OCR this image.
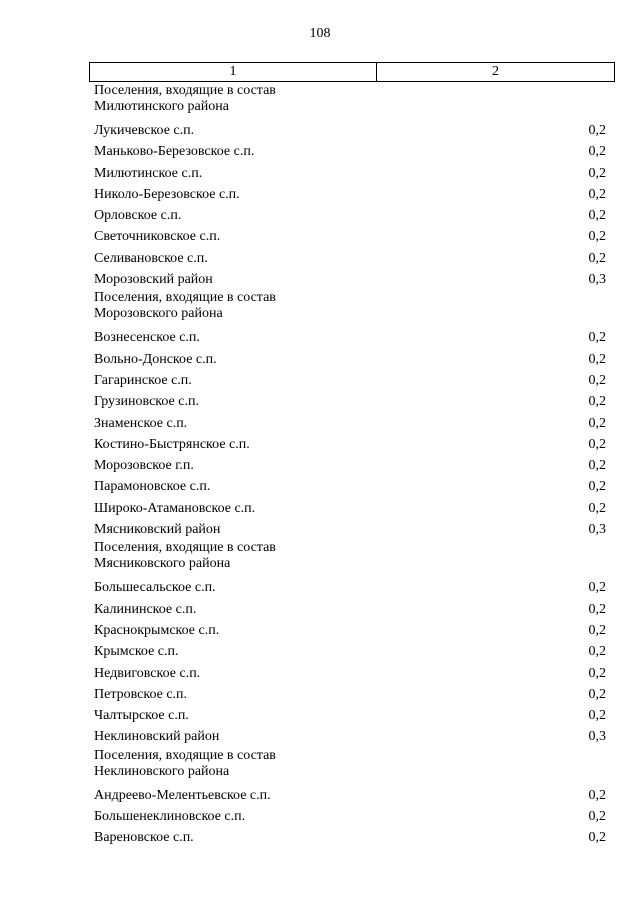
108
1	2
Поселения, входящие в состав Милютинского района
Лукичевское с.п.	0,2
Маньково-Березовское с.п.	0,2
Милютинское с.п.	0,2
Николо-Березовское с.п.	0,2
Орловское с.п.	0,2
Светочниковское с.п.	0,2
Селивановское с.п.	0,2
Морозовский район	0,3
Поселения, входящие в состав Морозовского района
Вознесенское с.п.	0,2
Вольно-Донское с.п.	0,2
Гагаринское с.п.	0,2
Грузиновское с.п.	0,2
Знаменское с.п.	0,2
Костино-Быстрянское с.п.	0,2
Морозовское г.п.	0,2
Парамоновское с.п.	0,2
Широко-Атамановское с.п.	0,2
Мясниковский район	0,3
Поселения, входящие в состав Мясниковского района
Большесальское с.п.	0,2
Калининское с.п.	0,2
Краснокрымское с.п.	0,2
Крымское с.п.	0,2
Недвиговское с.п.	0,2
Петровское с.п.	0,2
Чалтырское с.п.	0,2
Неклиновский район	0,3
Поселения, входящие в состав Неклиновского района
Андреево-Мелентьевское с.п.	0,2
Большенеклиновское с.п.	0,2
Вареновское с.п.	0,2
